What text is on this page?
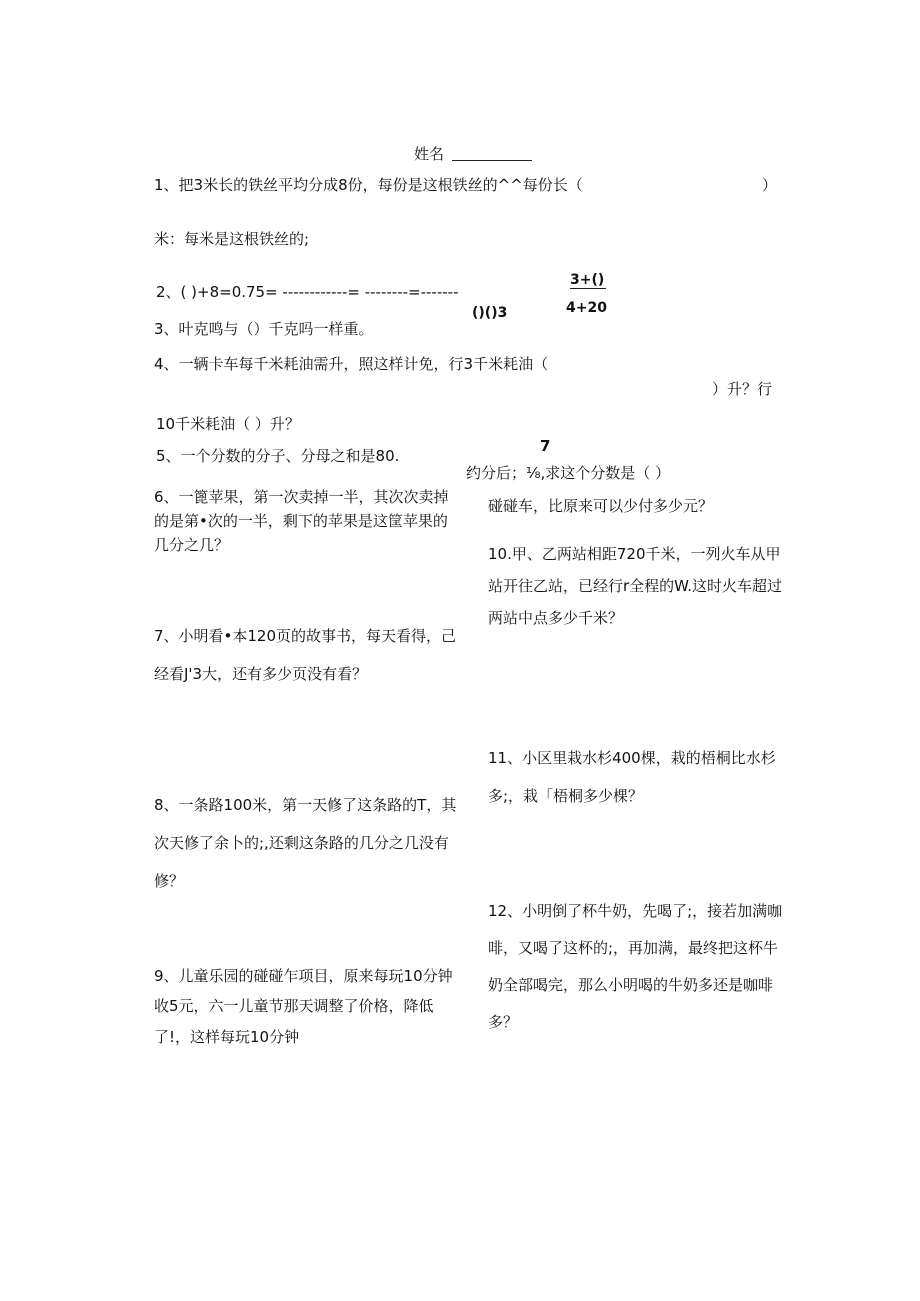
姓名
1、把3米长的铁丝平均分成8份，每份是这根铁丝的^^每份长（	）
米：每米是这根铁丝的;
2、( )+8=0.75= ------------= --------=-------
3+()
4+20
()()3
3、叶克鸣与（）千克吗一样重。
4、一辆卡车每千米耗油需升，照这样计免，行3千米耗油（
）升？行
10千米耗油（ ）升？
5、一个分数的分子、分母之和是80.
7
约分后；⅛,求这个分数是（ ）
6、一篦苹果，第一次卖掉一半，其次次卖掉
的是第•次的一半，剩下的苹果是这筐苹果的
几分之几？
碰碰车，比原来可以少付多少元？
10.甲、乙两站相距720千米，一列火车从甲
站开往乙站，已经行r全程的W.这时火车超过
两站中点多少千米？
7、小明看•本120页的故事书，每天看得，己
经看J'3大，还有多少页没有看？
11、小区里栽水杉400棵，栽的梧桐比水杉
多;，栽「梧桐多少棵？
8、一条路100米，第一天修了这条路的T，其
次天修了余卜的;,还剩这条路的几分之几没有
修？
12、小明倒了杯牛奶，先喝了;，接若加满咖
啡，又喝了这杯的;，再加满，最终把这杯牛
奶全部喝完，那么小明喝的牛奶多还是咖啡
多？
9、儿童乐园的碰碰乍项目，原来每玩10分钟
收5元，六一儿童节那天调整了价格，降低
了!，这样每玩10分钟
